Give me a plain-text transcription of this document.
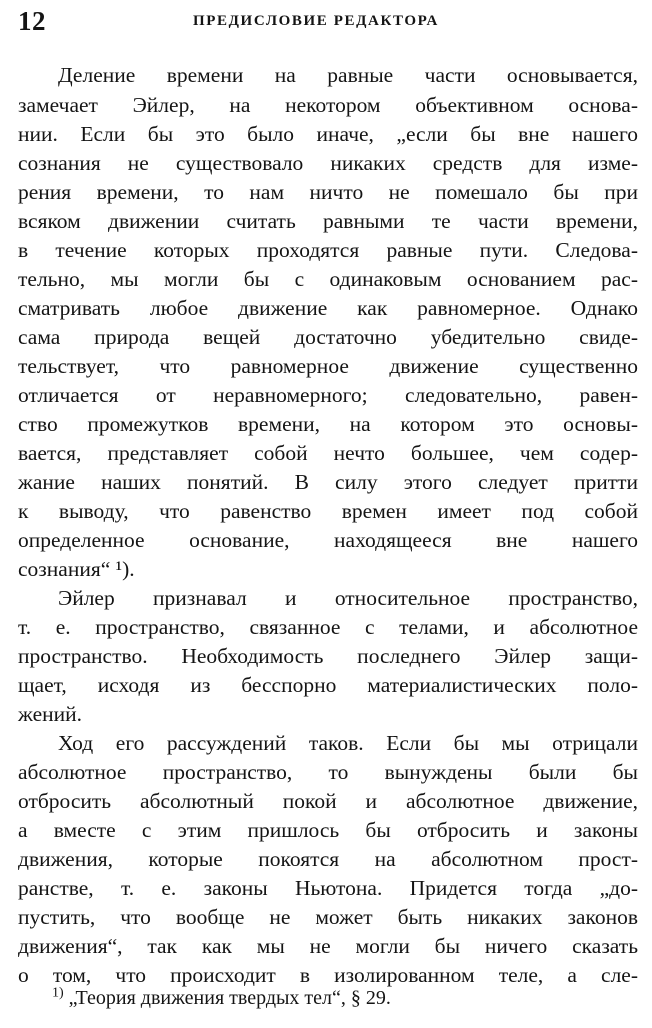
12	ПРЕДИСЛОВИЕ РЕДАКТОРА
Деление времени на равные части основывается,
замечает Эйлер, на некотором объективном основа-
нии. Если бы это было иначе, „если бы вне нашего
сознания не существовало никаких средств для изме-
рения времени, то нам ничто не помешало бы при
всяком движении считать равными те части времени,
в течение которых проходятся равные пути. Следова-
тельно, мы могли бы с одинаковым основанием рас-
сматривать любое движение как равномерное. Однако
сама природа вещей достаточно убедительно свиде-
тельствует, что равномерное движение существенно
отличается от неравномерного; следовательно, равен-
ство промежутков времени, на котором это основы-
вается, представляет собой нечто большее, чем содер-
жание наших понятий. В силу этого следует притти
к выводу, что равенство времен имеет под собой
определенное основание, находящееся вне нашего
сознания“ ¹).
Эйлер признавал и относительное пространство,
т. е. пространство, связанное с телами, и абсолютное
пространство. Необходимость последнего Эйлер защи-
щает, исходя из бесспорно материалистических поло-
жений.
Ход его рассуждений таков. Если бы мы отрицали
абсолютное пространство, то вынуждены были бы
отбросить абсолютный покой и абсолютное движение,
а вместе с этим пришлось бы отбросить и законы
движения, которые покоятся на абсолютном прост-
ранстве, т. е. законы Ньютона. Придется тогда „до-
пустить, что вообще не может быть никаких законов
движения“, так как мы не могли бы ничего сказать
о том, что происходит в изолированном теле, а сле-
$^{1)}$ „Теория движения твердых тел“, § 29.
